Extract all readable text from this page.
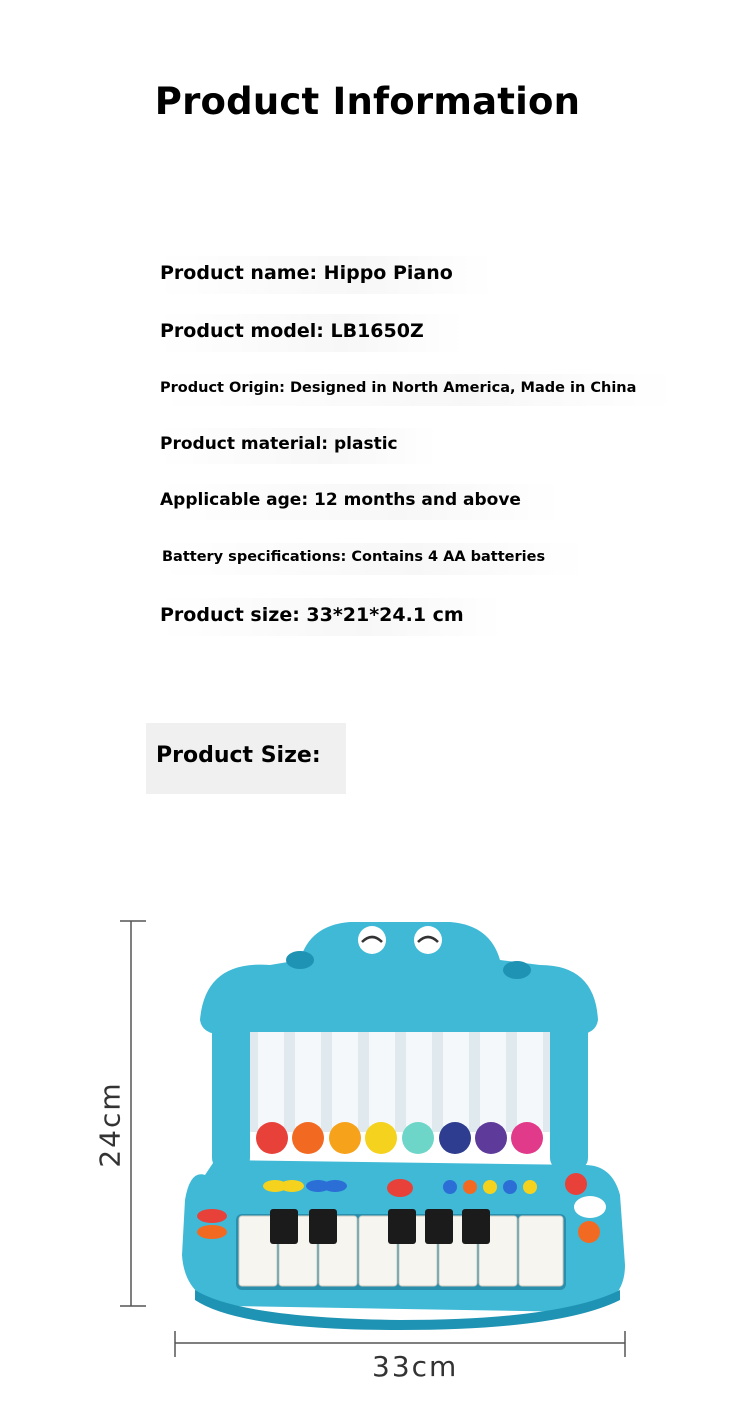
Product Information
Product name: Hippo Piano
Product model: LB1650Z
Product Origin: Designed in North America, Made in China
Product material: plastic
Applicable age: 12 months and above
Battery specifications: Contains 4 AA batteries
Product size: 33*21*24.1 cm
Product Size:
24cm
33cm
